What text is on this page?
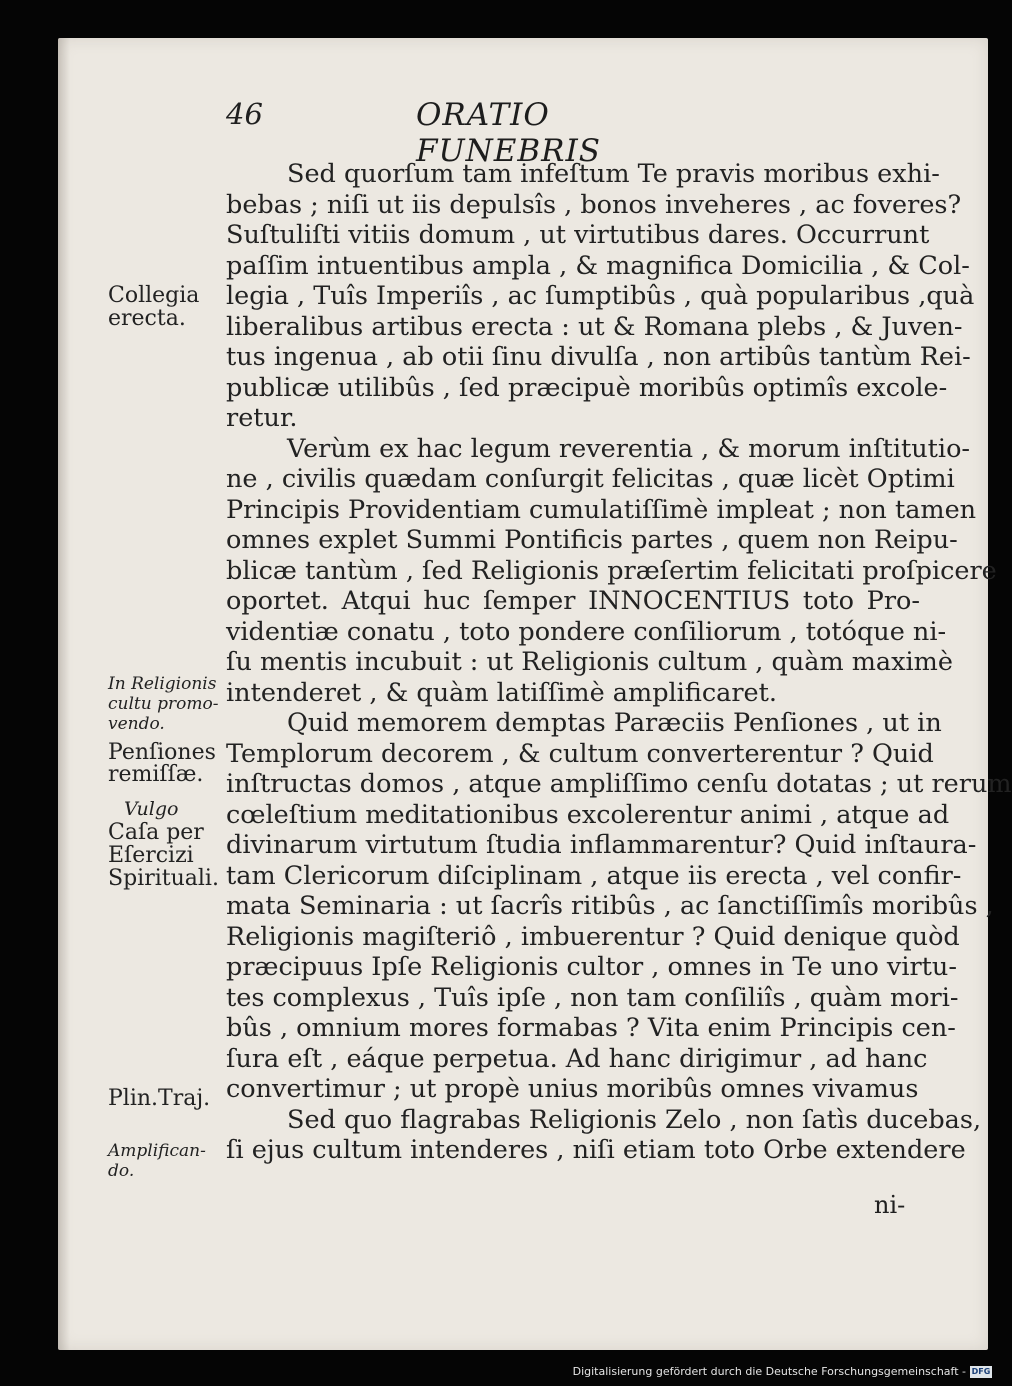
46	ORATIO FUNEBRIS
Sed quorſum tam infeſtum Te pravis moribus exhi-
bebas ; niſi ut iis depulsîs , bonos inveheres , ac foveres?
Suſtuliſti vitiis domum , ut virtutibus dares. Occurrunt
paſſim intuentibus ampla , & magnifica Domicilia , & Col-
legia , Tuîs Imperiîs , ac ſumptibûs , quà popularibus ,quà
liberalibus artibus erecta : ut & Romana plebs , & Juven-
tus ingenua , ab otii ſinu divulſa , non artibûs tantùm Rei-
publicæ utilibûs , ſed præcipuè moribûs optimîs excole-
retur.
Verùm ex hac legum reverentia , & morum inſtitutio-
ne , civilis quædam conſurgit felicitas , quæ licèt Optimi
Principis Providentiam cumulatiſſimè impleat ; non tamen
omnes explet Summi Pontificis partes , quem non Reipu-
blicæ tantùm , ſed Religionis præſertim felicitati proſpicere
oportet. Atqui huc ſemper INNOCENTIUS toto Pro-
videntiæ conatu , toto pondere conſiliorum , totóque ni-
ſu mentis incubuit : ut Religionis cultum , quàm maximè
intenderet , & quàm latiſſimè amplificaret.
Quid memorem demptas Paræciis Penſiones , ut in
Templorum decorem , & cultum converterentur ? Quid
inſtructas domos , atque ampliſſimo cenſu dotatas ; ut rerum
cœleſtium meditationibus excolerentur animi , atque ad
divinarum virtutum ſtudia inflammarentur? Quid inſtaura-
tam Clericorum diſciplinam , atque iis erecta , vel confir-
mata Seminaria : ut ſacrîs ritibûs , ac ſanctiſſimîs moribûs ,
Religionis magiſteriô , imbuerentur ? Quid denique quòd
præcipuus Ipſe Religionis cultor , omnes in Te uno virtu-
tes complexus , Tuîs ipſe , non tam conſiliîs , quàm mori-
bûs , omnium mores formabas ? Vita enim Principis cen-
ſura eſt , eáque perpetua. Ad hanc dirigimur , ad hanc
convertimur ; ut propè unius moribûs omnes vivamus
Sed quo flagrabas Religionis Zelo , non ſatìs ducebas,
ſi ejus cultum intenderes , niſi etiam toto Orbe extendere
ni-
Collegia
erecta.
In Religionis
cultu promo-
vendo.
Penſiones
remiſſæ.
Vulgo
Caſa per
Eſercizi
Spirituali.
Plin.Traj.
Amplifican-
do.
Digitalisierung gefördert durch die Deutsche Forschungsgemeinschaft - DFG
